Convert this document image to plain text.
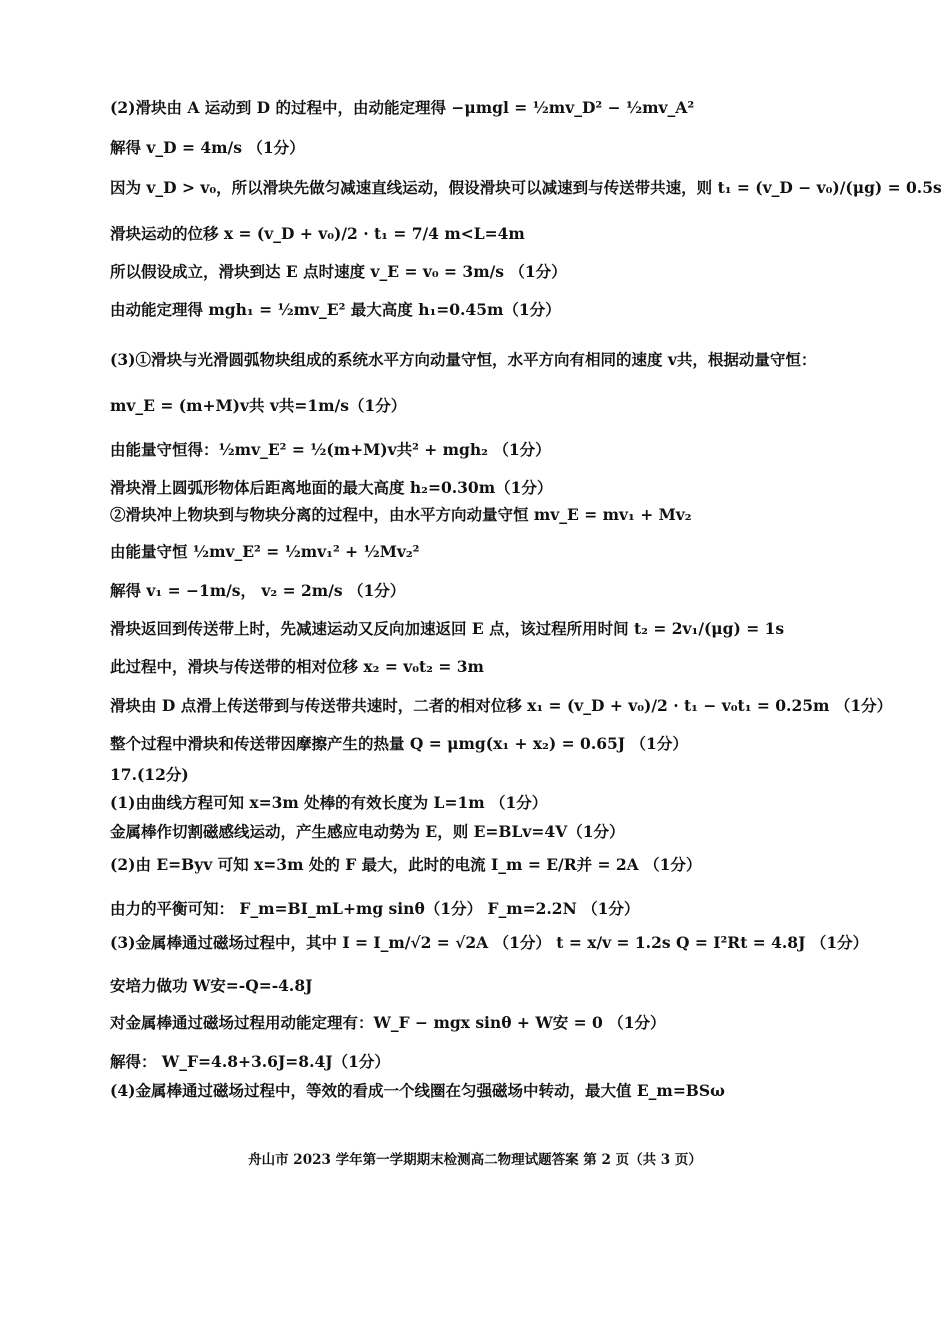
(2)滑块由 A 运动到 D 的过程中，由动能定理得 −μmgl = ½mv_D² − ½mv_A²
解得 v_D = 4m/s （1分）
因为 v_D > v₀，所以滑块先做匀减速直线运动，假设滑块可以减速到与传送带共速，则 t₁ = (v_D − v₀)/(μg) = 0.5s
滑块运动的位移 x = (v_D + v₀)/2 · t₁ = 7/4 m<L=4m
所以假设成立，滑块到达 E 点时速度 v_E = v₀ = 3m/s （1分）
由动能定理得 mgh₁ = ½mv_E² 最大高度 h₁=0.45m（1分）
(3)①滑块与光滑圆弧物块组成的系统水平方向动量守恒，水平方向有相同的速度 v共，根据动量守恒：
mv_E = (m+M)v共 v共=1m/s（1分）
由能量守恒得：½mv_E² = ½(m+M)v共² + mgh₂ （1分）
滑块滑上圆弧形物体后距离地面的最大高度 h₂=0.30m（1分）
②滑块冲上物块到与物块分离的过程中，由水平方向动量守恒 mv_E = mv₁ + Mv₂
由能量守恒 ½mv_E² = ½mv₁² + ½Mv₂²
解得 v₁ = −1m/s， v₂ = 2m/s （1分）
滑块返回到传送带上时，先减速运动又反向加速返回 E 点，该过程所用时间 t₂ = 2v₁/(μg) = 1s
此过程中，滑块与传送带的相对位移 x₂ = v₀t₂ = 3m
滑块由 D 点滑上传送带到与传送带共速时，二者的相对位移 x₁ = (v_D + v₀)/2 · t₁ − v₀t₁ = 0.25m （1分）
整个过程中滑块和传送带因摩擦产生的热量 Q = μmg(x₁ + x₂) = 0.65J （1分）
17.(12分)
(1)由曲线方程可知 x=3m 处棒的有效长度为 L=1m （1分）
金属棒作切割磁感线运动，产生感应电动势为 E，则 E=BLv=4V（1分）
(2)由 E=Byv 可知 x=3m 处的 F 最大，此时的电流 I_m = E/R并 = 2A （1分）
由力的平衡可知： F_m=BI_mL+mg sinθ（1分） F_m=2.2N （1分）
(3)金属棒通过磁场过程中，其中 I = I_m/√2 = √2A （1分） t = x/v = 1.2s Q = I²Rt = 4.8J （1分）
安培力做功 W安=-Q=-4.8J
对金属棒通过磁场过程用动能定理有：W_F − mgx sinθ + W安 = 0 （1分）
解得： W_F=4.8+3.6J=8.4J（1分）
(4)金属棒通过磁场过程中，等效的看成一个线圈在匀强磁场中转动，最大值 E_m=BSω
舟山市 2023 学年第一学期期末检测高二物理试题答案 第 2 页（共 3 页）
